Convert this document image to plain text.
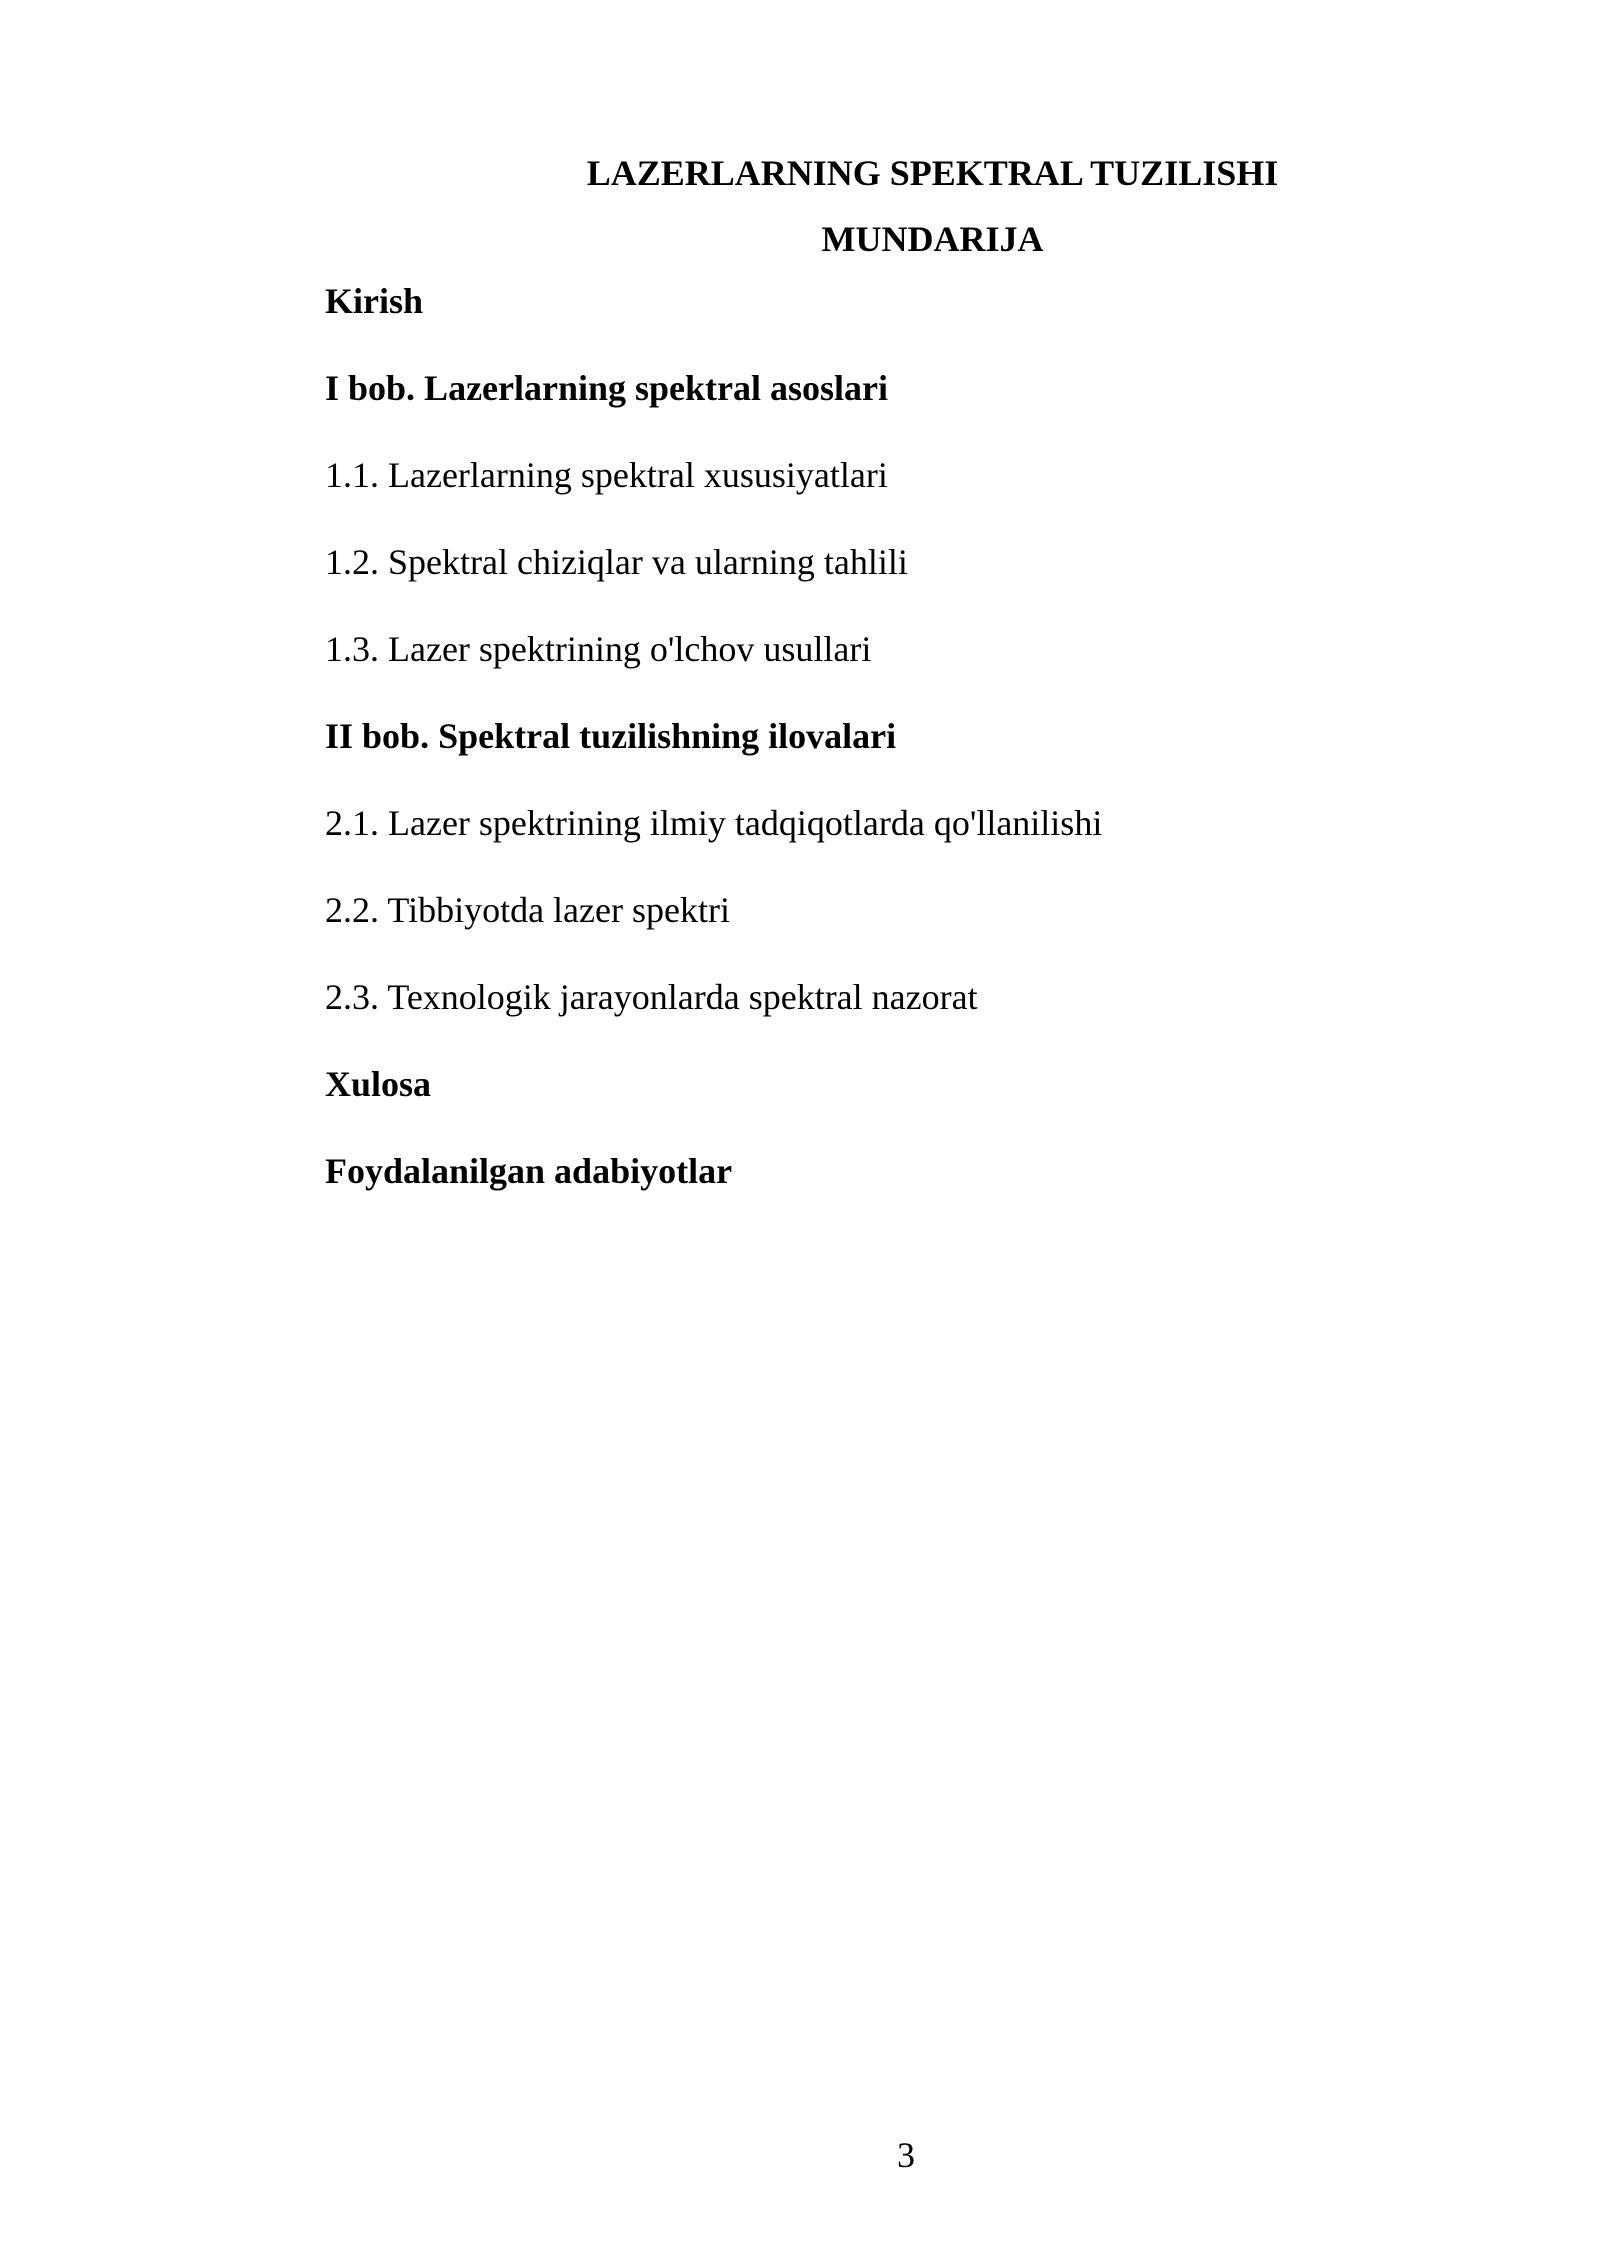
LAZERLARNING SPEKTRAL TUZILISHI
MUNDARIJA
Kirish
I bob. Lazerlarning spektral asoslari
1.1. Lazerlarning spektral xususiyatlari
1.2. Spektral chiziqlar va ularning tahlili
1.3. Lazer spektrining o'lchov usullari
II bob. Spektral tuzilishning ilovalari
2.1. Lazer spektrining ilmiy tadqiqotlarda qo'llanilishi
2.2. Tibbiyotda lazer spektri
2.3. Texnologik jarayonlarda spektral nazorat
Xulosa
Foydalanilgan adabiyotlar
3
